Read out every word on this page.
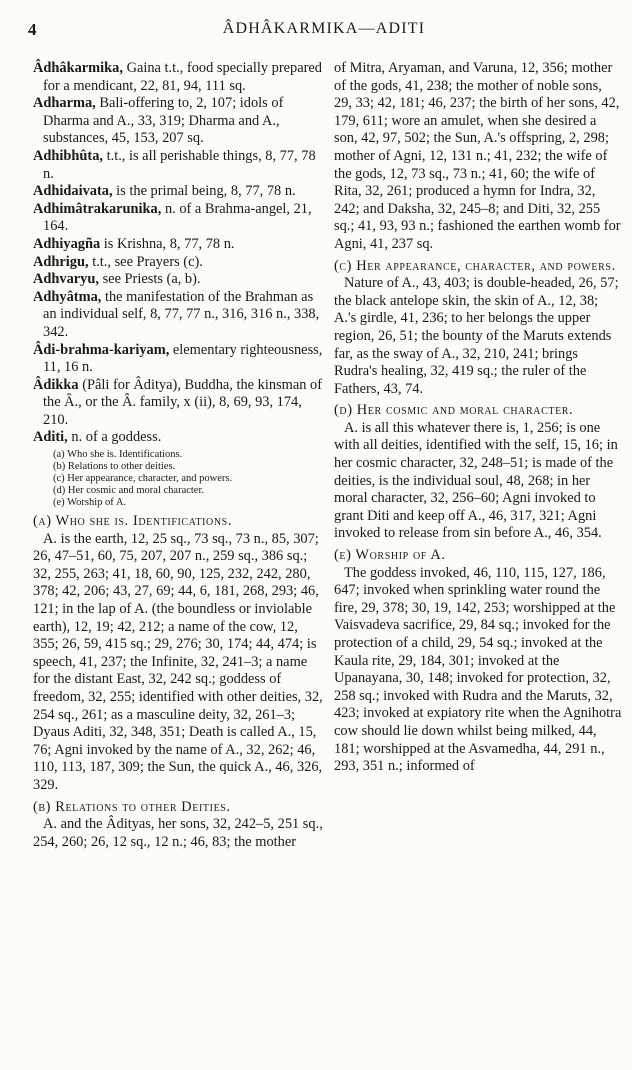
4	ÂDHÂKARMIKA—ADITI

Âdhâkarmika, Gaina t.t., food specially prepared for a mendicant, 22, 81, 94, 111 sq.

Adharma, Bali-offering to, 2, 107; idols of Dharma and A., 33, 319; Dharma and A., substances, 45, 153, 207 sq.

Adhibhûta, t.t., is all perishable things, 8, 77, 78 n.

Adhidaivata, is the primal being, 8, 77, 78 n.

Adhimâtrakarunika, n. of a Brahma-angel, 21, 164.

Adhiyagña is Krishna, 8, 77, 78 n.

Adhrigu, t.t., see Prayers (c).

Adhvaryu, see Priests (a, b).

Adhyâtma, the manifestation of the Brahman as an individual self, 8, 77, 77 n., 316, 316 n., 338, 342.

Âdi-brahma-kariyam, elementary righteousness, 11, 16 n.

Âdikka (Pâli for Âditya), Buddha, the kinsman of the Â., or the Â. family, x (ii), 8, 69, 93, 174, 210.

Aditi, n. of a goddess.

(a) Who she is. Identifications.

(b) Relations to other deities.

(c) Her appearance, character, and powers.

(d) Her cosmic and moral character.

(e) Worship of A.

(a) Who she is. Identifications.

A. is the earth, 12, 25 sq., 73 sq., 73 n., 85, 307; 26, 47–51, 60, 75, 207, 207 n., 259 sq., 386 sq.; 32, 255, 263; 41, 18, 60, 90, 125, 232, 242, 280, 378; 42, 206; 43, 27, 69; 44, 6, 181, 268, 293; 46, 121; in the lap of A. (the boundless or inviolable earth), 12, 19; 42, 212; a name of the cow, 12, 355; 26, 59, 415 sq.; 29, 276; 30, 174; 44, 474; is speech, 41, 237; the Infinite, 32, 241–3; a name for the distant East, 32, 242 sq.; goddess of freedom, 32, 255; identified with other deities, 32, 254 sq., 261; as a masculine deity, 32, 261–3; Dyaus Aditi, 32, 348, 351; Death is called A., 15, 76; Agni invoked by the name of A., 32, 262; 46, 110, 113, 187, 309; the Sun, the quick A., 46, 326, 329.

(b) Relations to other Deities.

A. and the Âdityas, her sons, 32, 242–5, 251 sq., 254, 260; 26, 12 sq., 12 n.; 46, 83; the mother

of Mitra, Aryaman, and Varuna, 12, 356; mother of the gods, 41, 238; the mother of noble sons, 29, 33; 42, 181; 46, 237; the birth of her sons, 42, 179, 611; wore an amulet, when she desired a son, 42, 97, 502; the Sun, A.'s offspring, 2, 298; mother of Agni, 12, 131 n.; 41, 232; the wife of the gods, 12, 73 sq., 73 n.; 41, 60; the wife of Rita, 32, 261; produced a hymn for Indra, 32, 242; and Daksha, 32, 245–8; and Diti, 32, 255 sq.; 41, 93, 93 n.; fashioned the earthen womb for Agni, 41, 237 sq.

(c) Her appearance, character, and powers.

Nature of A., 43, 403; is double-headed, 26, 57; the black antelope skin, the skin of A., 12, 38; A.'s girdle, 41, 236; to her belongs the upper region, 26, 51; the bounty of the Maruts extends far, as the sway of A., 32, 210, 241; brings Rudra's healing, 32, 419 sq.; the ruler of the Fathers, 43, 74.

(d) Her cosmic and moral character.

A. is all this whatever there is, 1, 256; is one with all deities, identified with the self, 15, 16; in her cosmic character, 32, 248–51; is made of the deities, is the individual soul, 48, 268; in her moral character, 32, 256–60; Agni invoked to grant Diti and keep off A., 46, 317, 321; Agni invoked to release from sin before A., 46, 354.

(e) Worship of A.

The goddess invoked, 46, 110, 115, 127, 186, 647; invoked when sprinkling water round the fire, 29, 378; 30, 19, 142, 253; worshipped at the Vaisvadeva sacrifice, 29, 84 sq.; invoked for the protection of a child, 29, 54 sq.; invoked at the Kaula rite, 29, 184, 301; invoked at the Upanayana, 30, 148; invoked for protection, 32, 258 sq.; invoked with Rudra and the Maruts, 32, 423; invoked at expiatory rite when the Agnihotra cow should lie down whilst being milked, 44, 181; worshipped at the Asvamedha, 44, 291 n., 293, 351 n.; informed of
